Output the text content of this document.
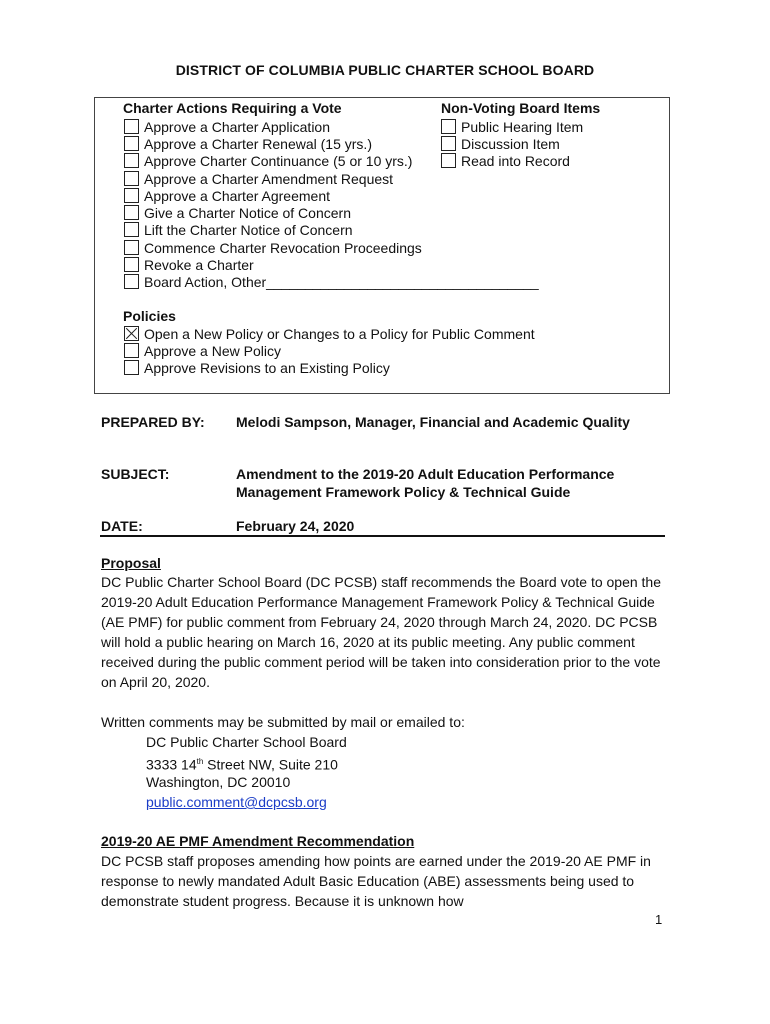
DISTRICT OF COLUMBIA PUBLIC CHARTER SCHOOL BOARD
Charter Actions Requiring a Vote	Non-Voting Board Items
Approve a Charter Application
Approve a Charter Renewal (15 yrs.)
Approve Charter Continuance (5 or 10 yrs.)
Approve a Charter Amendment Request
Approve a Charter Agreement
Give a Charter Notice of Concern
Lift the Charter Notice of Concern
Commence Charter Revocation Proceedings
Revoke a Charter
Board Action, Other___________________________________
Public Hearing Item
Discussion Item
Read into Record
Policies
Open a New Policy or Changes to a Policy for Public Comment
Approve a New Policy
Approve Revisions to an Existing Policy
PREPARED BY: Melodi Sampson, Manager, Financial and Academic Quality
SUBJECT:	Amendment to the 2019-20 Adult Education Performance Management Framework Policy & Technical Guide
DATE:	February 24, 2020
Proposal
DC Public Charter School Board (DC PCSB) staff recommends the Board vote to open the 2019-20 Adult Education Performance Management Framework Policy & Technical Guide (AE PMF) for public comment from February 24, 2020 through March 24, 2020. DC PCSB will hold a public hearing on March 16, 2020 at its public meeting. Any public comment received during the public comment period will be taken into consideration prior to the vote on April 20, 2020.
Written comments may be submitted by mail or emailed to:
DC Public Charter School Board
3333 14th Street NW, Suite 210
Washington, DC 20010
public.comment@dcpcsb.org
2019-20 AE PMF Amendment Recommendation
DC PCSB staff proposes amending how points are earned under the 2019-20 AE PMF in response to newly mandated Adult Basic Education (ABE) assessments being used to demonstrate student progress. Because it is unknown how
1
